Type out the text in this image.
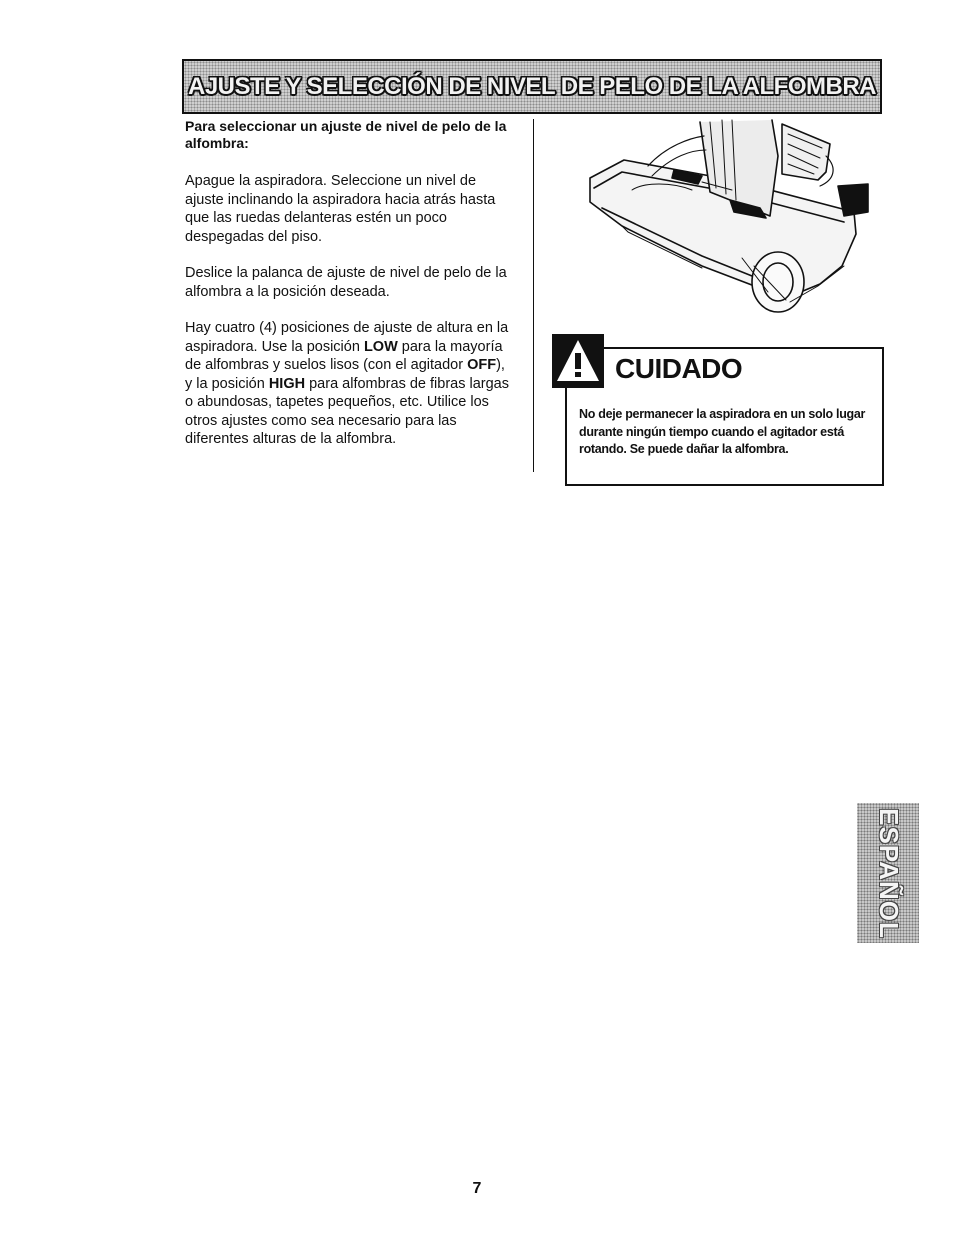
AJUSTE Y SELECCIÓN DE NIVEL DE PELO DE LA ALFOMBRA

Para seleccionar un ajuste de nivel de pelo de la alfombra:

Apague la aspiradora. Seleccione un nivel de ajuste inclinando la aspiradora hacia atrás hasta que las ruedas delanteras estén un poco despegadas del piso.

Deslice la palanca de ajuste de nivel de pelo de la alfombra a la posición deseada.

Hay cuatro (4) posiciones de ajuste de altura en la aspiradora. Use la posición LOW para la mayoría de alfombras y suelos lisos (con el agitador OFF), y la posición HIGH para alfombras de fibras largas o abundosas, tapetes pequeños, etc. Utilice los otros ajustes como sea necesario para las diferentes alturas de la alfombra.

CUIDADO
No deje permanecer la aspiradora en un solo lugar durante ningún tiempo cuando el agitador está rotando. Se puede dañar la alfombra.
ESPAÑOL
7
